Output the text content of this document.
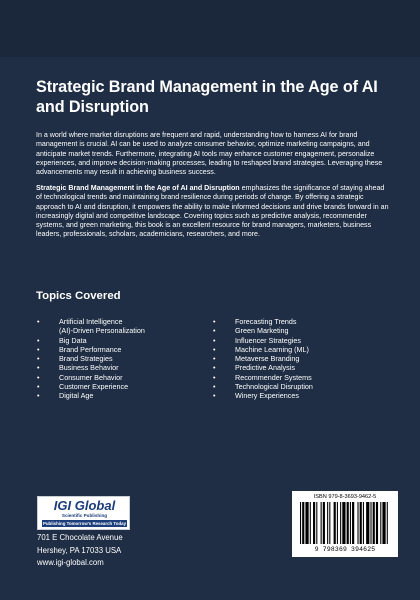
Strategic Brand Management in the Age of AI and Disruption

In a world where market disruptions are frequent and rapid, understanding how to harness AI for brand management is crucial. AI can be used to analyze consumer behavior, optimize marketing campaigns, and anticipate market trends. Furthermore, integrating AI tools may enhance customer engagement, personalize experiences, and improve decision-making processes, leading to reshaped brand strategies. Leveraging these advancements may result in achieving business success.

Strategic Brand Management in the Age of AI and Disruption emphasizes the significance of staying ahead of technological trends and maintaining brand resilience during periods of change. By offering a strategic approach to AI and disruption, it empowers the ability to make informed decisions and drive brands forward in an increasingly digital and competitive landscape. Covering topics such as predictive analysis, recommender systems, and green marketing, this book is an excellent resource for brand managers, marketers, business leaders, professionals, scholars, academicians, researchers, and more.

Topics Covered
•	Artificial Intelligence
(AI)-Driven Personalization
•	Big Data
•	Brand Performance
•	Brand Strategies
•	Business Behavior
•	Consumer Behavior
•	Customer Experience
•	Digital Age
•	Forecasting Trends
•	Green Marketing
•	Influencer Strategies
•	Machine Learning (ML)
•	Metaverse Branding
•	Predictive Analysis
•	Recommender Systems
•	Technological Disruption
•	Winery Experiences
IGI Global
Scientific Publishing
Publishing Tomorrow's Research Today
701 E Chocolate Avenue
Hershey, PA 17033 USA
www.igi-global.com
ISBN 979-8-3693-9462-5
9 798369 394625
